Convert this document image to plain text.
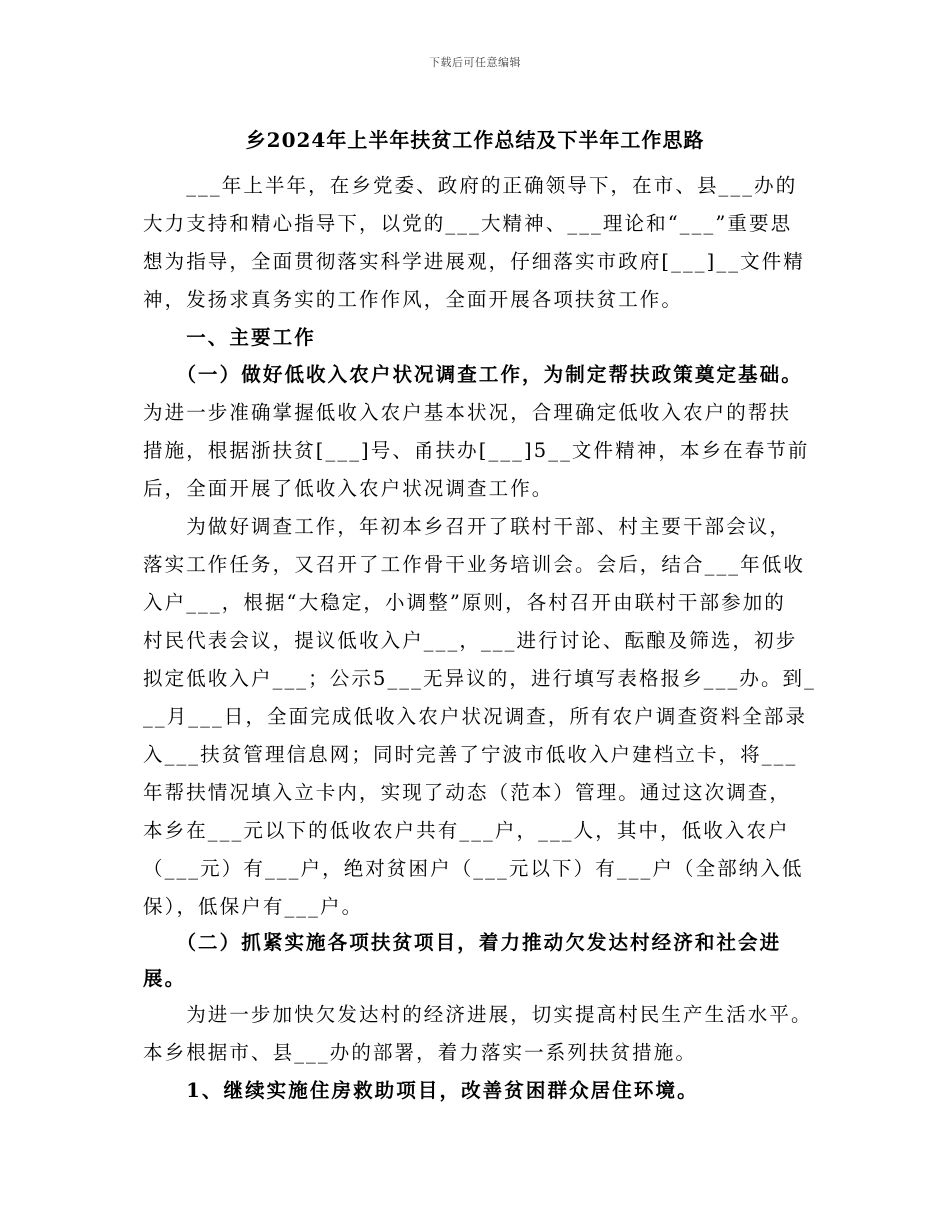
下载后可任意编辑
乡2024年上半年扶贫工作总结及下半年工作思路
　　___年上半年，在乡党委、政府的正确领导下，在市、县___办的
大力支持和精心指导下，以党的___大精神、___理论和“___”重要思
想为指导，全面贯彻落实科学进展观，仔细落实市政府[___]__文件精
神，发扬求真务实的工作作风，全面开展各项扶贫工作。
　　一、主要工作
　　（一）做好低收入农户状况调查工作，为制定帮扶政策奠定基础。
为进一步准确掌握低收入农户基本状况，合理确定低收入农户的帮扶
措施，根据浙扶贫[___]号、甬扶办[___]5__文件精神，本乡在春节前
后，全面开展了低收入农户状况调查工作。
　　为做好调查工作，年初本乡召开了联村干部、村主要干部会议，
落实工作任务，又召开了工作骨干业务培训会。会后，结合___年低收
入户___，根据“大稳定，小调整”原则，各村召开由联村干部参加的
村民代表会议，提议低收入户___，___进行讨论、酝酿及筛选，初步
拟定低收入户___；公示5___无异议的，进行填写表格报乡___办。到_
__月___日，全面完成低收入农户状况调查，所有农户调查资料全部录
入___扶贫管理信息网；同时完善了宁波市低收入户建档立卡，将___
年帮扶情况填入立卡内，实现了动态（范本）管理。通过这次调查，
本乡在___元以下的低收农户共有___户，___人，其中，低收入农户
（___元）有___户，绝对贫困户（___元以下）有___户（全部纳入低
保），低保户有___户。
　　（二）抓紧实施各项扶贫项目，着力推动欠发达村经济和社会进
展。
　　为进一步加快欠发达村的经济进展，切实提高村民生产生活水平。
本乡根据市、县___办的部署，着力落实一系列扶贫措施。
　　1、继续实施住房救助项目，改善贫困群众居住环境。
